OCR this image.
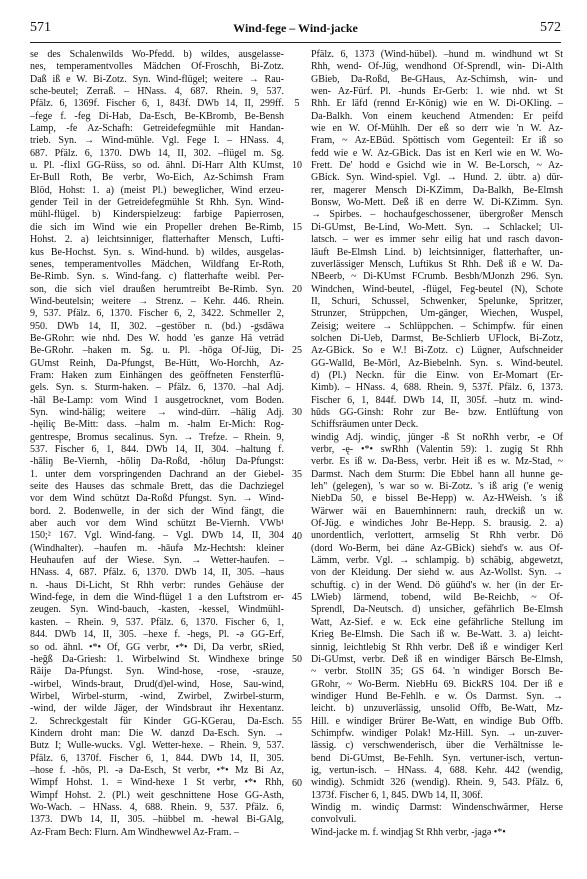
571	Wind-fege – Wind-jacke	572

se des Schalenwilds Wo-Pfedd. b) wildes, ausgelasse-

nes, temperamentvolles Mädchen Of-Froschh, Bi-Zotz.

Daß iß e W. Bi-Zotz. Syn. Wind-flügel; weitere → Rau-

sche-beutel; Zerraß. – HNass. 4, 687. Rhein. 9, 537.

Pfälz. 6, 1369f. Fischer 6, 1, 843f. DWb 14, II, 299ff.

–fege f. -feg Di-Hab, Da-Esch, Be-KBromb, Be-Bensh

Lamp, -fe Az-Schafh: Getreidefegmühle mit Handan-

trieb. Syn. → Wind-mühle. Vgl. Fege I. – HNass. 4,

687. Pfälz. 6, 1370. DWb 14, II, 302. –flügel m. Sg.

u. Pl. -flixl GG-Rüss, so od. ähnl. Di-Harr Alth KUmst,

Er-Bull Roth, Be verbr, Wo-Eich, Az-Schimsh Fram

Blöd, Hohst: 1. a) (meist Pl.) beweglicher, Wind erzeu-

gender Teil in der Getreidefegmühle St Rhh. Syn. Wind-

mühl-flügel. b) Kinderspielzeug: farbige Papierrosen,

die sich im Wind wie ein Propeller drehen Be-Rimb,

Hohst. 2. a) leichtsinniger, flatterhafter Mensch, Lufti-

kus Be-Hochst. Syn. s. Wind-hund. b) wildes, ausgelas-

senes, temperamentvolles Mädchen, Wildfang Er-Roth,

Be-Rimb. Syn. s. Wind-fang. c) flatterhafte weibl. Per-

son, die sich viel draußen herumtreibt Be-Rimb. Syn.

Wind-beutelsin; weitere → Strenz. – Kehr. 446. Rhein.

9, 537. Pfälz. 6, 1370. Fischer 6, 2, 3422. Schmeller 2,

950. DWb 14, II, 302. –gestöber n. (bd.) -gsdäwa

Be-GRohr: wie nhd. Des W. hodd 'es ganze Hä veträd

Be-GRohr. –haken m. Sg. u. Pl. -hōga Of-Jüg, Di-

GUmst Reinh, Da-Pfungst, Be-Hütt, Wo-Horchh, Az-

Fram: Haken zum Einhängen des geöffneten Fensterflü-

gels. Syn. s. Sturm-haken. – Pfälz. 6, 1370. –hal Adj.

-hāl Be-Lamp: vom Wind 1 ausgetrocknet, vom Boden.

Syn. wind-hälig; weitere → wind-dürr. –hälig Adj.

-hęiliç Be-Mitt: dass. –halm m. -halm Er-Mich: Rog-

gentrespe, Bromus secalinus. Syn. → Trefze. – Rhein. 9,

537. Fischer 6, 1, 844. DWb 14, II, 304. –haltung f.

-hāliŋ Be-Viernh, -hōliŋ Da-Roßd, -hōluŋ Da-Pfungst:

1. unter dem vorspringenden Dachrand an der Giebel-

seite des Hauses das schmale Brett, das die Dachziegel

vor dem Wind schützt Da-Roßd Pfungst. Syn. → Wind-

bord. 2. Bodenwelle, in der sich der Wind fängt, die

aber auch vor dem Wind schützt Be-Viernh. VWb¹

150;² 167. Vgl. Wind-fang. – Vgl. DWb 14, II, 304

(Windhalter). –haufen m. -hāufə Mz-Hechtsh: kleiner

Heuhaufen auf der Wiese. Syn. → Wetter-haufen. –

HNass. 4, 687. Pfälz. 6, 1370. DWb 14, II, 305. –haus

n. -haus Di-Licht, St Rhh verbr: rundes Gehäuse der

Wind-fege, in dem die Wind-flügel 1 a den Luftstrom er-

zeugen. Syn. Wind-bauch, -kasten, -kessel, Windmühl-

kasten. – Rhein. 9, 537. Pfälz. 6, 1370. Fischer 6, 1,

844. DWb 14, II, 305. –hexe f. -hegs, Pl. -ə GG-Erf,

so od. ähnl. •*• Of, GG verbr, •*• Di, Da verbr, sRied,

-heğß Da-Griesh: 1. Wirbelwind St. Windhexe bringe

Räije Da-Pfungst. Syn. Wind-hose, -rose, -srauze,

-wirbel, Winds-braut, Drud(d)el-wind, Hose, Sau-wind,

Wirbel, Wirbel-sturm, -wind, Zwirbel, Zwirbel-sturm,

-wind, der wilde Jäger, der Windsbraut ihr Hexentanz.

2. Schreckgestalt für Kinder GG-KGerau, Da-Esch.

Kindern droht man: Die W. danzd Da-Esch. Syn. →

Butz I; Wulle-wucks. Vgl. Wetter-hexe. – Rhein. 9, 537.

Pfälz. 6, 1370f. Fischer 6, 1, 844. DWb 14, II, 305.

–hose f. -hōs, Pl. -ə Da-Esch, St verbr, •*• Mz Bi Az,

Wimpf Hohst. 1. = Wind-hexe 1 St verbr, •*• Rhh,

Wimpf Hohst. 2. (Pl.) weit geschnittene Hose GG-Asth,

Wo-Wach. – HNass. 4, 688. Rhein. 9, 537. Pfälz. 6,

1373. DWb 14, II, 305. –hübbel m. -hewəl Bi-GAlg,

Az-Fram Bech: Flurn. Am Windhewwel Az-Fram. –

5
10
15
20
25
30
35
40
45
50
55
60

Pfälz. 6, 1373 (Wind-hübel). –hund m. windhund wt St

Rhh, wend- Of-Jüg, wendhond Of-Sprendl, win- Di-Alth

GBieb, Da-Roßd, Be-GHaus, Az-Schimsh, win- und

wen- Az-Fürf. Pl. -hunds Er-Gerb: 1. wie nhd. wt St

Rhh. Er läfd (rennd Er-König) wie en W. Di-OKling. –

Da-Balkh. Von einem keuchend Atmenden: Er peifd

wie en W. Of-Mühlh. Der eß so derr wie 'n W. Az-

Fram, ~ Az-EBüd. Spöttisch vom Gegenteil: Er iß so

fedd wie e W. Az-GBick. Das ist en Kerl wie en W. Wo-

Frett. De' hodd e Gsichd wie in W. Be-Lorsch, ~ Az-

GBick. Syn. Wind-spiel. Vgl. → Hund. 2. übtr. a) dür-

rer, magerer Mensch Di-KZimm, Da-Balkh, Be-Elmsh

Bonsw, Wo-Mett. Deß iß en derre W. Di-KZimm. Syn.

→ Spirbes. – hochaufgeschossener, übergroßer Mensch

Di-GUmst, Be-Lind, Wo-Mett. Syn. → Schlackel; Ul-

latsch. – wer es immer sehr eilig hat und rasch davon-

läuft Be-Elmsh Lind. b) leichtsinniger, flatterhafter, un-

zuverlässiger Mensch, Luftikus St Rhh. Deß iß e W. Da-

NBeerb, ~ Di-KUmst FCrumb. Besbh/MJonzh 296. Syn.

Windchen, Wind-beutel, -flügel, Feg-beutel (N), Schote

II, Schuri, Schussel, Schwenker, Spelunke, Spritzer,

Strunzer, Strüppchen, Um-gänger, Wiechen, Wuspel,

Zeisig; weitere → Schlüppchen. – Schimpfw. für einen

solchen Di-Ueb, Darmst, Be-Schlierb UFlock, Bi-Zotz,

Az-GBick. So e W.! Bi-Zotz. c) Lügner, Aufschneider

GG-Walld, Be-Mörl, Az-Biebelnh. Syn. s. Wind-beutel.

d) (Pl.) Neckn. für die Einw. von Er-Momart (Er-

Kimb). – HNass. 4, 688. Rhein. 9, 537f. Pfälz. 6, 1373.

Fischer 6, 1, 844f. DWb 14, II, 305f. –hutz m. wind-

hūds GG-Ginsh: Rohr zur Be- bzw. Entlüftung von

Schiffsräumen unter Deck.

windig Adj. windiç, jünger -ß St noRhh verbr, -e Of

verbr, -ę- •*• swRhh (Valentin 59): 1. zugig St Rhh

verbr. Es iß w. Da-Bess, verbr. Heit iß es w. Mz-Stad, ~

Darmst. Nach dem Sturm: Die Ebbel hann all hunne ge-

leh" (gelegen), 's war so w. Bi-Zotz. 's iß arig ('e wenig

NiebDa 50, e bissel Be-Hepp) w. Az-HWeish. 's iß

Wärwer wäi en Bauernhinnern: rauh, dreckiß un w.

Of-Jüg. e windiches Johr Be-Hepp. S. brausig. 2. a)

unordentlich, verlottert, armselig St Rhh verbr. Dö

(dord Wo-Berm, bei däne Az-GBick) siehd's w. aus Of-

Lämm, verbr. Vgl. → schlampig. b) schäbig, abgewetzt,

von der Kleidung. Der siehd w. aus Az-Wollst. Syn. →

schuftig. c) in der Wend. Dö güühd's w. her (in der Er-

LWieb) lärmend, tobend, wild Be-Reichb, ~ Of-

Sprendl, Da-Neutsch. d) unsicher, gefährlich Be-Elmsh

Watt, Az-Sief. e w. Eck eine gefährliche Stellung im

Krieg Be-Elmsh. Die Sach iß w. Be-Watt. 3. a) leicht-

sinnig, leichtlebig St Rhh verbr. Deß iß e windiger Kerl

Di-GUmst, verbr. Deß iß en windiger Bärsch Be-Elmsh,

~ verbr. StollN 35; GS 64. 'n windiger Borsch Be-

GRohr, ~ Wo-Berm. NiebHu 69. BickRS 104. Der iß e

windiger Hund Be-Fehlh. e w. Ös Darmst. Syn. →

leicht. b) unzuverlässig, unsolid Offb, Be-Watt, Mz-

Hill. e windiger Brürer Be-Watt, en windige Bub Offb.

Schimpfw. windiger Polak! Mz-Hill. Syn. → un-zuver-

lässig. c) verschwenderisch, über die Verhältnisse le-

bend Di-GUmst, Be-Fehlh. Syn. vertuner-isch, vertun-

ig, vertun-isch. – HNass. 4, 688. Kehr. 442 (wendig,

windig). Schmidt 326 (wendig). Rhein. 9, 543. Pfälz. 6,

1373f. Fischer 6, 1, 845. DWb 14, II, 306f.

Windig m. windiç Darmst: Windenschwärmer, Herse

convolvuli.

Wind-jacke m. f. windjag St Rhh verbr, -jagə •*•
